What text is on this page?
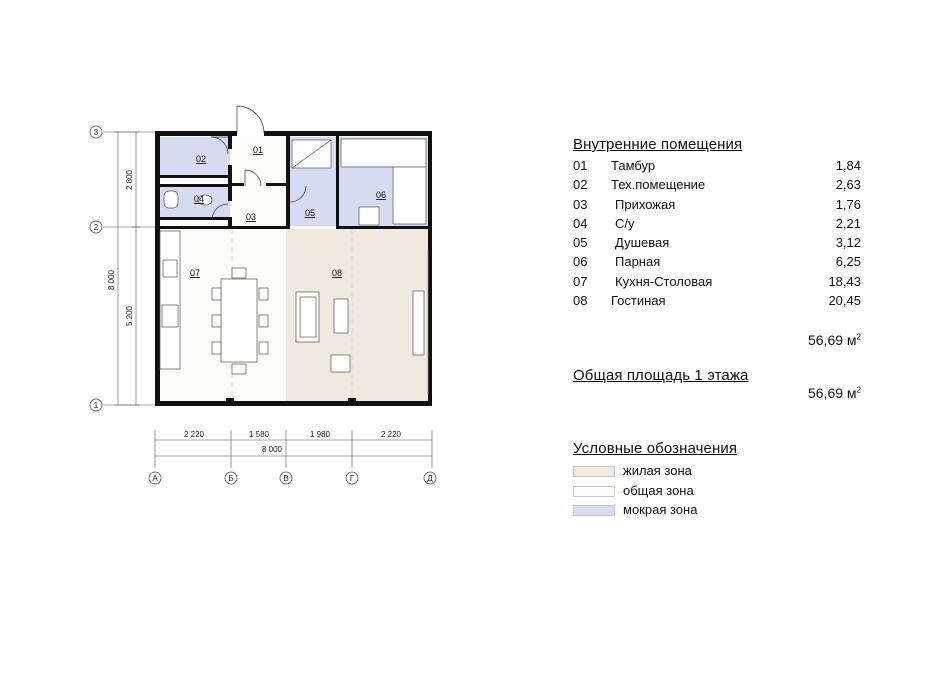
8 000
2 800
5 200
3
2
1
01
02
03
04
05
06
07	08
2 220	1 580	1 980	2 220
8 000
А	Б	В	Г	Д
Внутренние помещения
01 Тамбур	1,84
02 Тех.помещение	2,63
03 Прихожая	1,76
04 С/у	2,21
05 Душевая	3,12
06 Парная	6,25
07 Кухня-Столовая	18,43
08 Гостиная	20,45
56,69 $м^2$
Общая площадь 1 этажа
56,69 $м^2$
Условные обозначения
жилая зона
общая зона
мокрая зона
